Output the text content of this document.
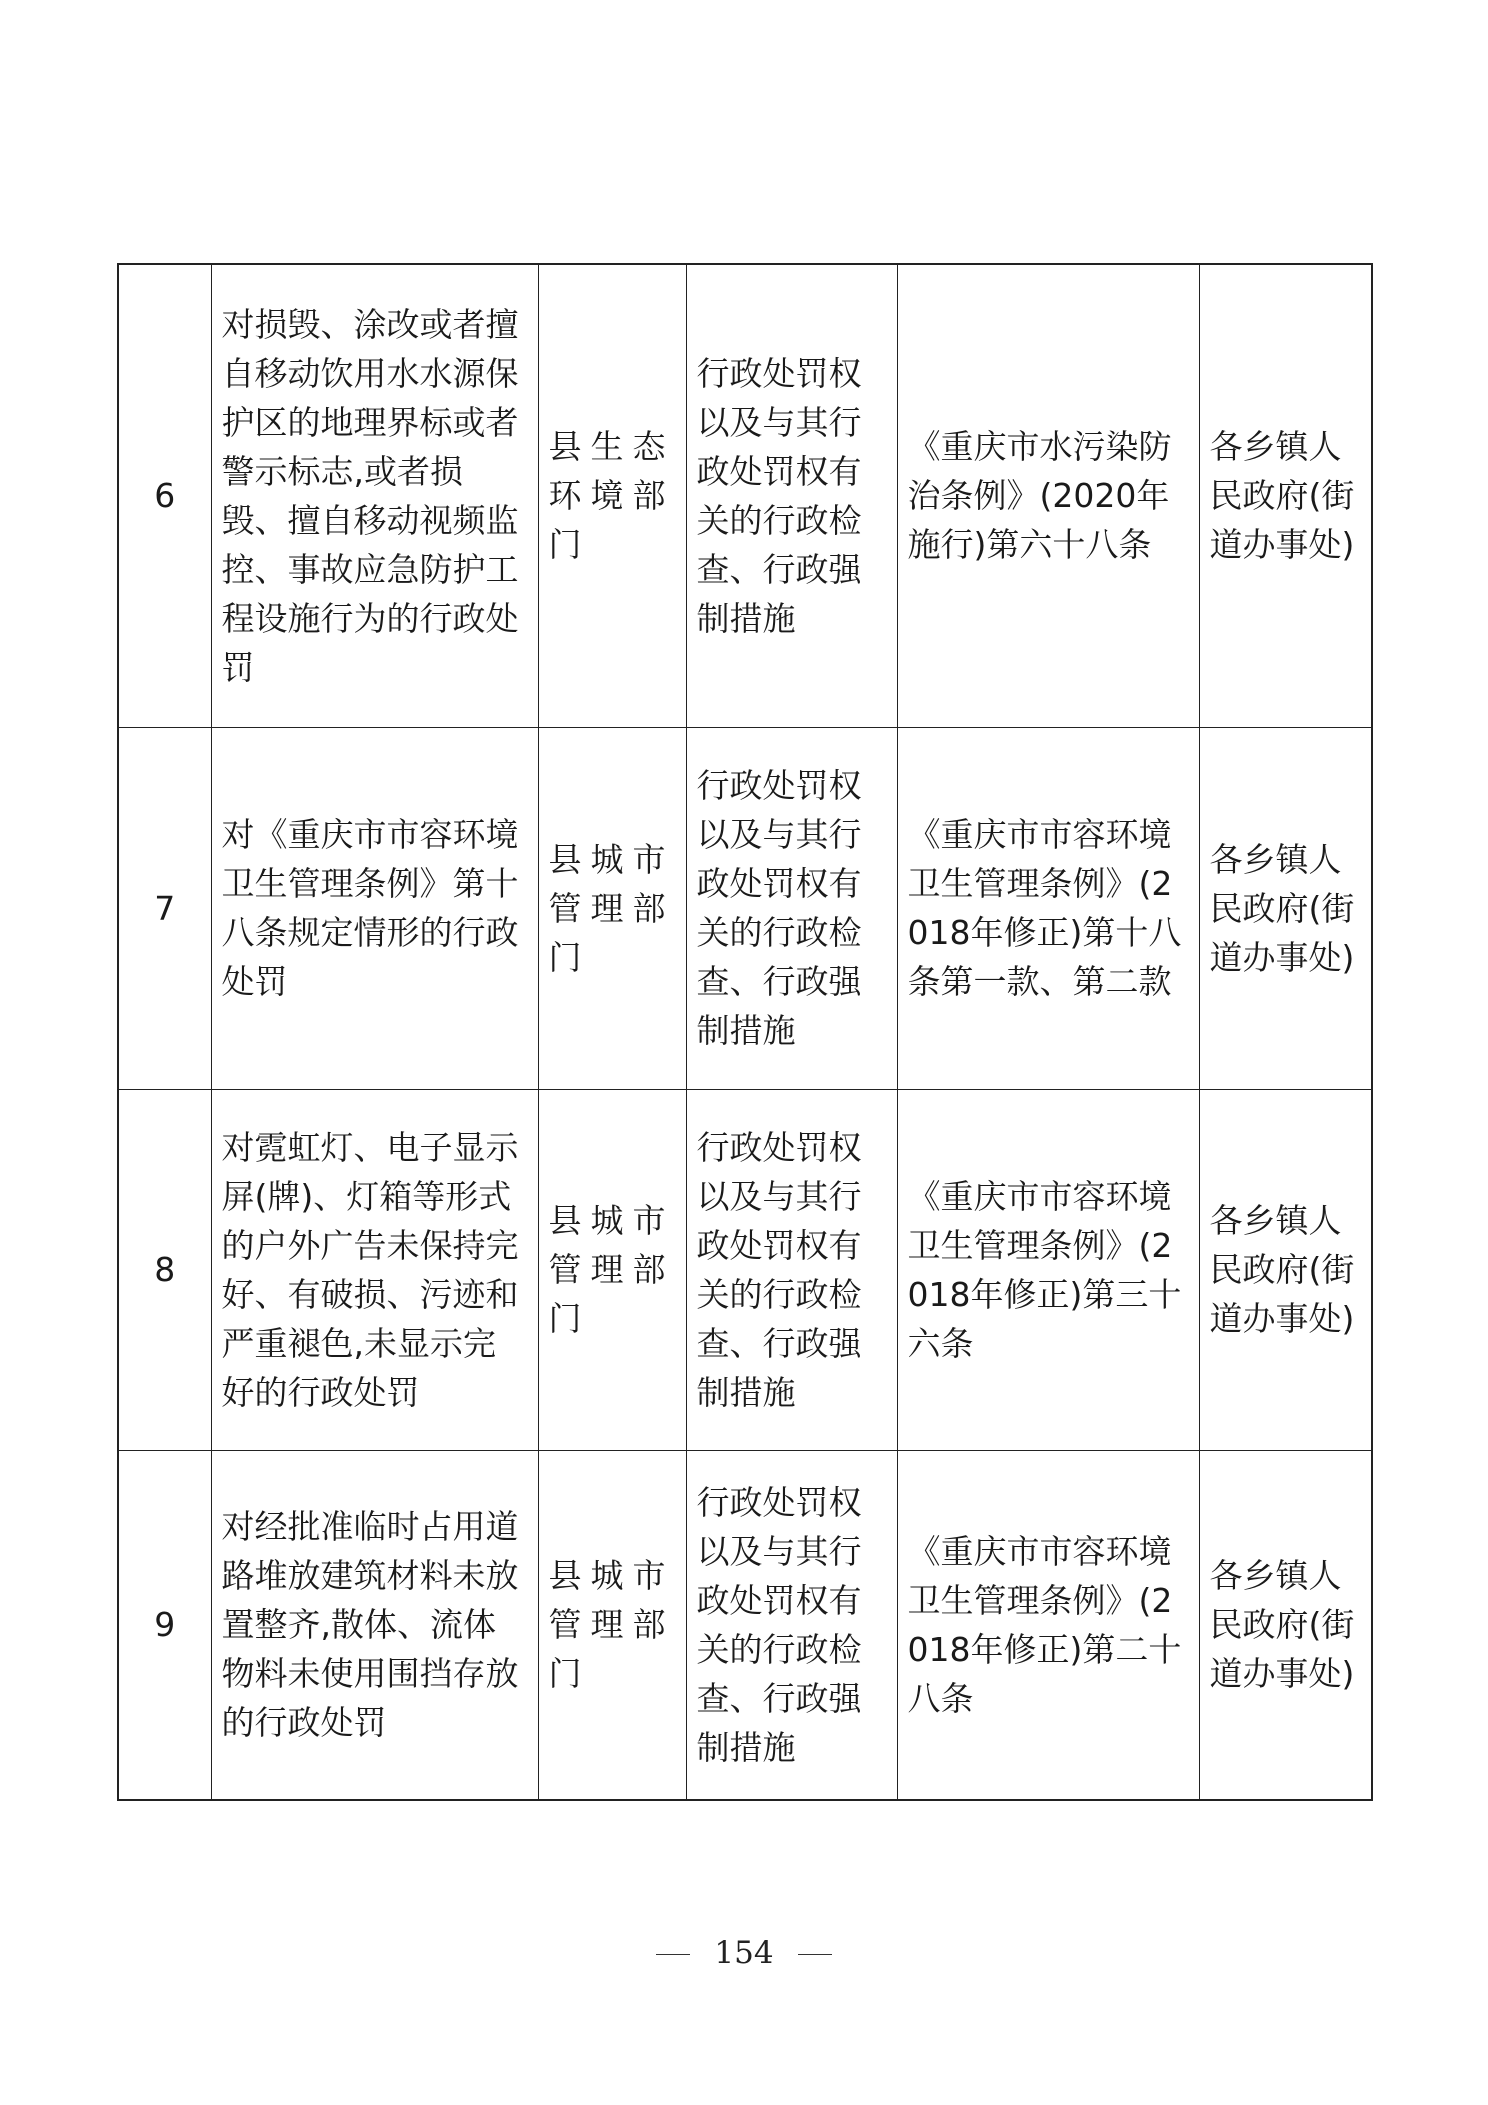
6	对损毁、涂改或者擅自移动饮用水水源保护区的地理界标或者警示标志,或者损毁、擅自移动视频监控、事故应急防护工程设施行为的行政处罚	县生态环境部门	行政处罚权以及与其行政处罚权有关的行政检查、行政强制措施	《重庆市水污染防治条例》(2020年施行)第六十八条	各乡镇人民政府(街道办事处)

7	对《重庆市市容环境卫生管理条例》第十八条规定情形的行政处罚	县城市管理部门	行政处罚权以及与其行政处罚权有关的行政检查、行政强制措施	《重庆市市容环境卫生管理条例》(2018年修正)第十八条第一款、第二款	各乡镇人民政府(街道办事处)

8	对霓虹灯、电子显示屏(牌)、灯箱等形式的户外广告未保持完好、有破损、污迹和严重褪色,未显示完好的行政处罚	县城市管理部门	行政处罚权以及与其行政处罚权有关的行政检查、行政强制措施	《重庆市市容环境卫生管理条例》(2018年修正)第三十六条	各乡镇人民政府(街道办事处)

9	对经批准临时占用道路堆放建筑材料未放置整齐,散体、流体物料未使用围挡存放的行政处罚	县城市管理部门	行政处罚权以及与其行政处罚权有关的行政检查、行政强制措施	《重庆市市容环境卫生管理条例》(2018年修正)第二十八条	各乡镇人民政府(街道办事处)
154
